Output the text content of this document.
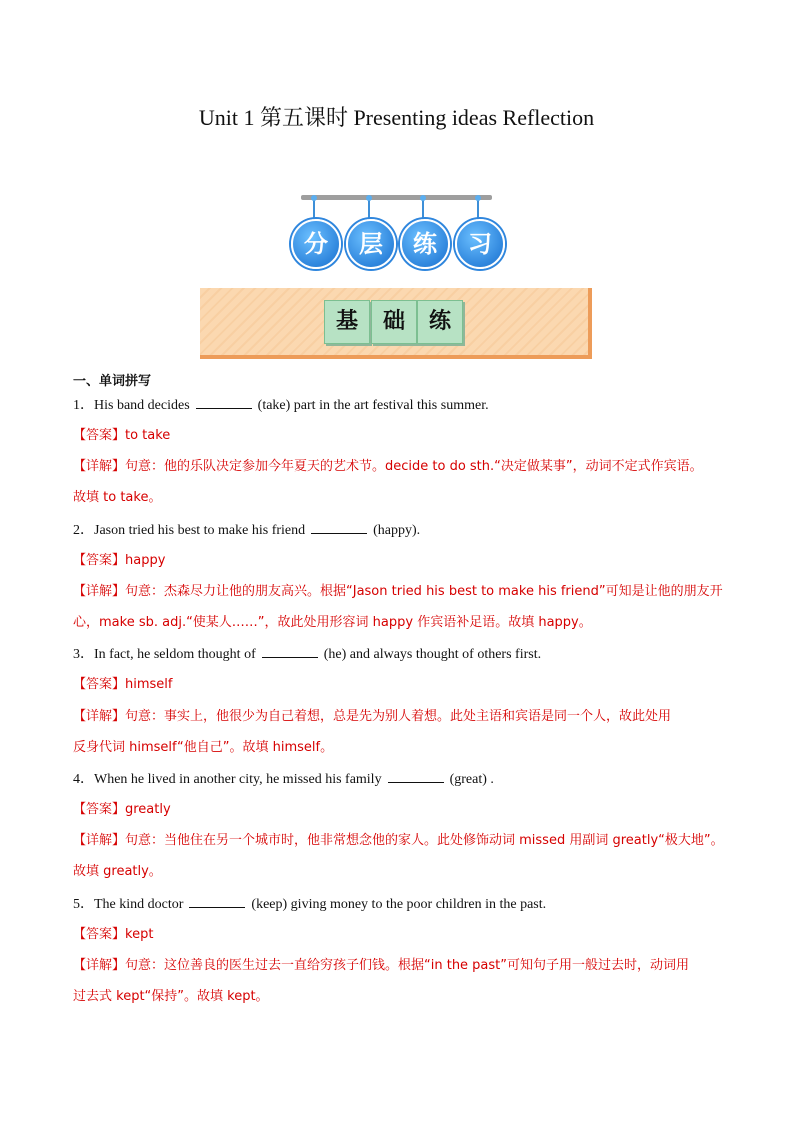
Unit 1 第五课时 Presenting ideas Reflection
分	层	练	习
基	础	练
一、单词拼写
1．His band decides	(take) part in the art festival this summer.
【答案】to take
【详解】句意：他的乐队决定参加今年夏天的艺术节。decide to do sth.“决定做某事”，动词不定式作宾语。
故填 to take。
2．Jason tried his best to make his friend	(happy).
【答案】happy
【详解】句意：杰森尽力让他的朋友高兴。根据“Jason tried his best to make his friend”可知是让他的朋友开
心，make sb. adj.“使某人……”，故此处用形容词 happy 作宾语补足语。故填 happy。
3．In fact, he seldom thought of	(he) and always thought of others first.
【答案】himself
【详解】句意：事实上，他很少为自己着想，总是先为别人着想。此处主语和宾语是同一个人，故此处用
反身代词 himself“他自己”。故填 himself。
4．When he lived in another city, he missed his family	(great) .
【答案】greatly
【详解】句意：当他住在另一个城市时，他非常想念他的家人。此处修饰动词 missed 用副词 greatly“极大地”。
故填 greatly。
5．The kind doctor	(keep) giving money to the poor children in the past.
【答案】kept
【详解】句意：这位善良的医生过去一直给穷孩子们钱。根据“in the past”可知句子用一般过去时，动词用
过去式 kept“保持”。故填 kept。
